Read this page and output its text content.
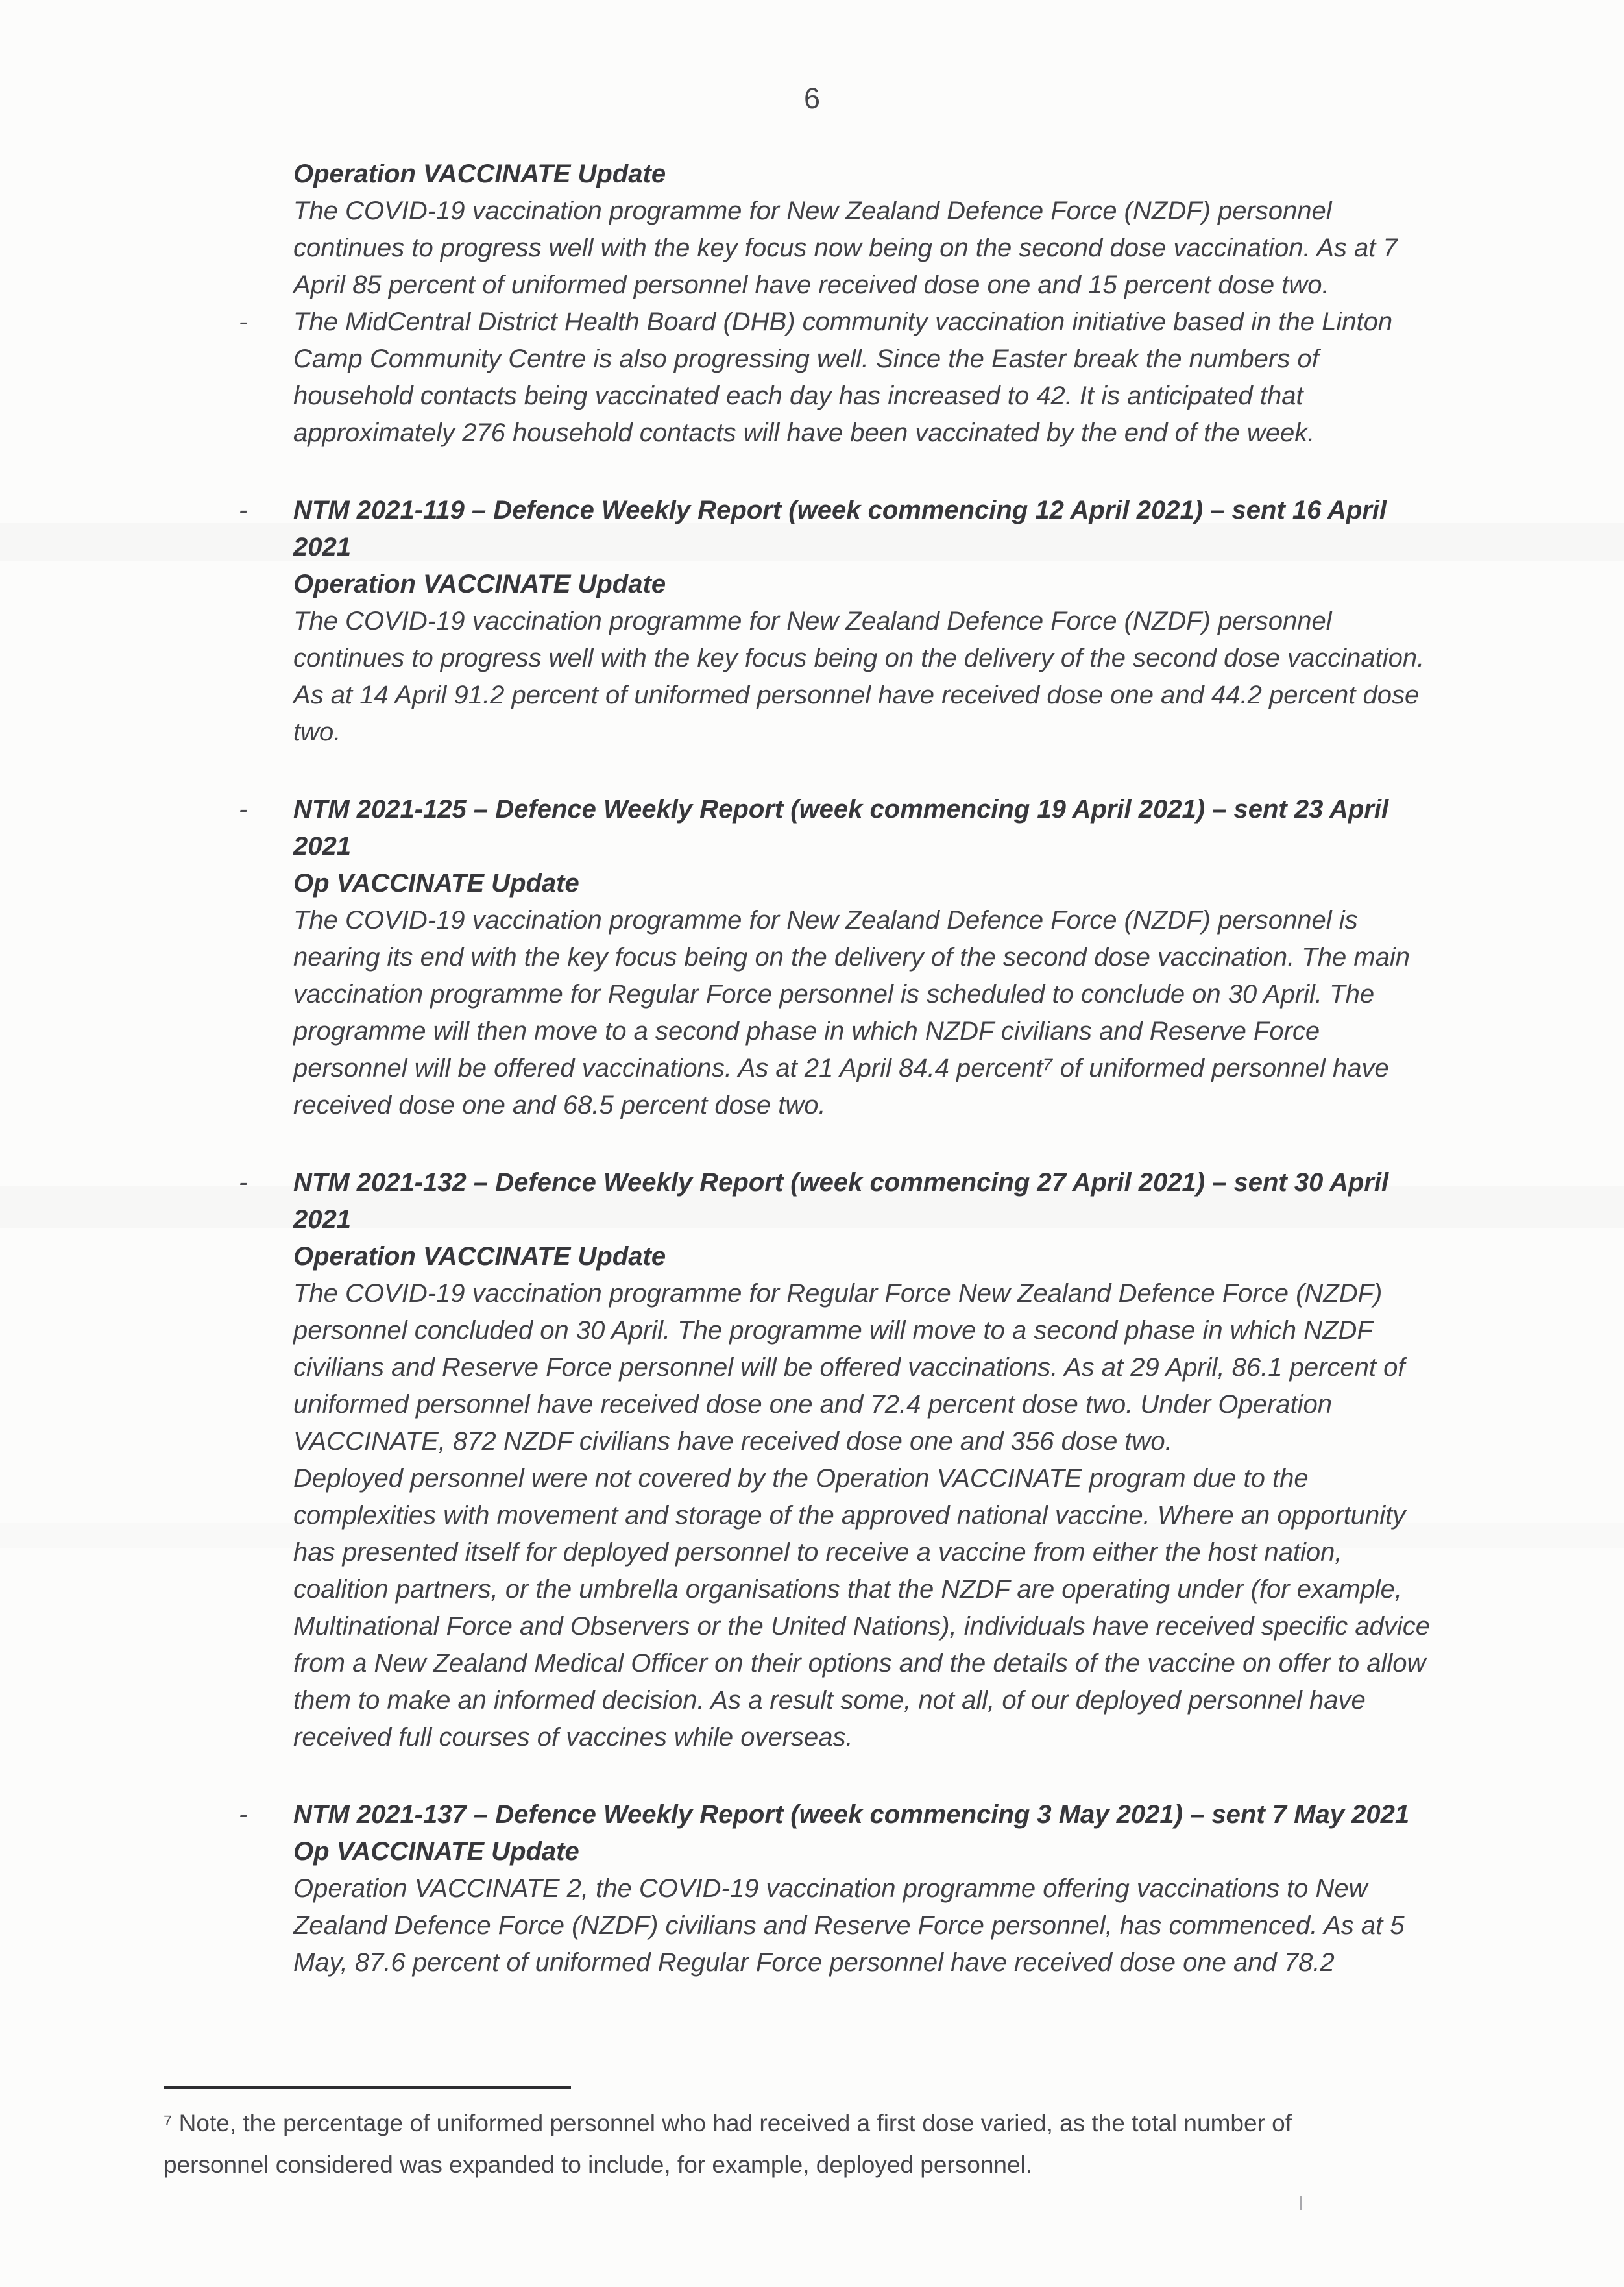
6

Operation VACCINATE Update

The COVID-19 vaccination programme for New Zealand Defence Force (NZDF) personnel continues to progress well with the key focus now being on the second dose vaccination. As at 7 April 85 percent of uniformed personnel have received dose one and 15 percent dose two.

- The MidCentral District Health Board (DHB) community vaccination initiative based in the Linton Camp Community Centre is also progressing well. Since the Easter break the numbers of household contacts being vaccinated each day has increased to 42. It is anticipated that approximately 276 household contacts will have been vaccinated by the end of the week.

- NTM 2021-119 – Defence Weekly Report (week commencing 12 April 2021) – sent 16 April 2021

Operation VACCINATE Update

The COVID-19 vaccination programme for New Zealand Defence Force (NZDF) personnel continues to progress well with the key focus being on the delivery of the second dose vaccination. As at 14 April 91.2 percent of uniformed personnel have received dose one and 44.2 percent dose two.

- NTM 2021-125 – Defence Weekly Report (week commencing 19 April 2021) – sent 23 April 2021

Op VACCINATE Update

The COVID-19 vaccination programme for New Zealand Defence Force (NZDF) personnel is nearing its end with the key focus being on the delivery of the second dose vaccination. The main vaccination programme for Regular Force personnel is scheduled to conclude on 30 April. The programme will then move to a second phase in which NZDF civilians and Reserve Force personnel will be offered vaccinations. As at 21 April 84.4 percent⁷ of uniformed personnel have received dose one and 68.5 percent dose two.

- NTM 2021-132 – Defence Weekly Report (week commencing 27 April 2021) – sent 30 April 2021

Operation VACCINATE Update

The COVID-19 vaccination programme for Regular Force New Zealand Defence Force (NZDF) personnel concluded on 30 April. The programme will move to a second phase in which NZDF civilians and Reserve Force personnel will be offered vaccinations. As at 29 April, 86.1 percent of uniformed personnel have received dose one and 72.4 percent dose two. Under Operation VACCINATE, 872 NZDF civilians have received dose one and 356 dose two.

Deployed personnel were not covered by the Operation VACCINATE program due to the complexities with movement and storage of the approved national vaccine. Where an opportunity has presented itself for deployed personnel to receive a vaccine from either the host nation, coalition partners, or the umbrella organisations that the NZDF are operating under (for example, Multinational Force and Observers or the United Nations), individuals have received specific advice from a New Zealand Medical Officer on their options and the details of the vaccine on offer to allow them to make an informed decision. As a result some, not all, of our deployed personnel have received full courses of vaccines while overseas.

- NTM 2021-137 – Defence Weekly Report (week commencing 3 May 2021) – sent 7 May 2021

Op VACCINATE Update

Operation VACCINATE 2, the COVID-19 vaccination programme offering vaccinations to New Zealand Defence Force (NZDF) civilians and Reserve Force personnel, has commenced. As at 5 May, 87.6 percent of uniformed Regular Force personnel have received dose one and 78.2

⁷ Note, the percentage of uniformed personnel who had received a first dose varied, as the total number of personnel considered was expanded to include, for example, deployed personnel.
